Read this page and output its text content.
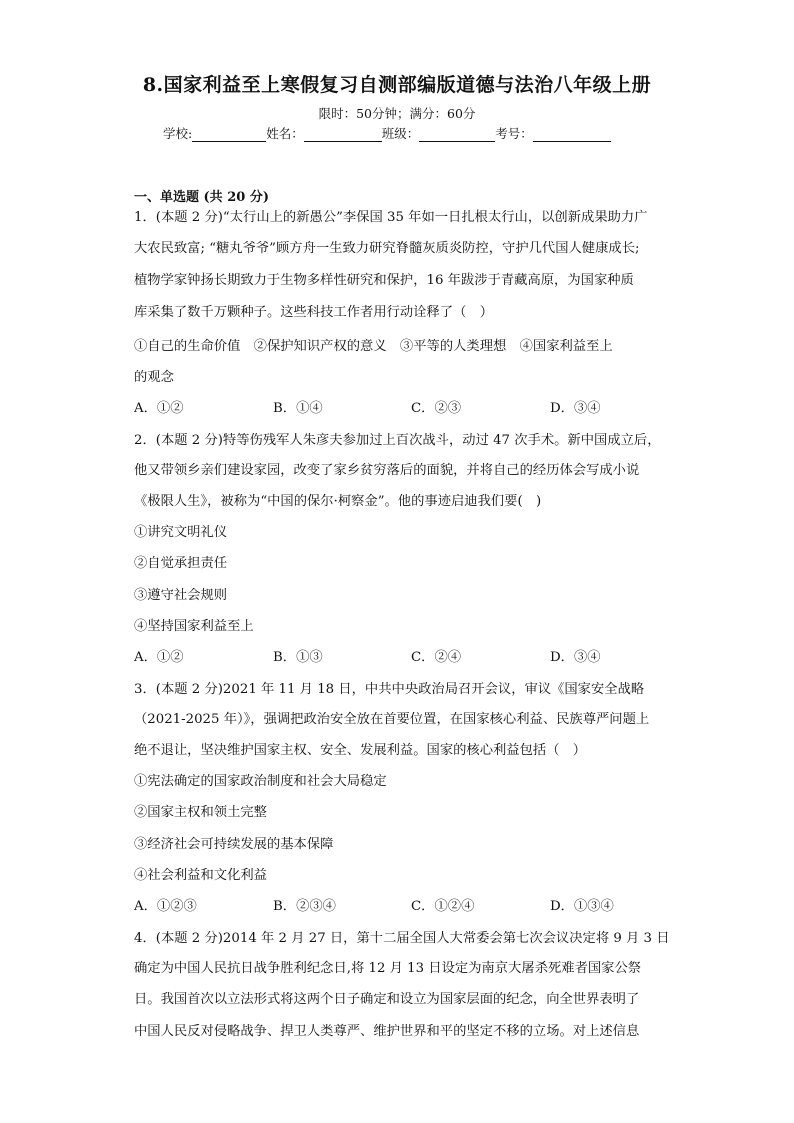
8.国家利益至上寒假复习自测部编版道德与法治八年级上册
限时：50分钟；满分：60分
学校:	姓名：	班级：	考号：
一、单选题 (共 20 分)
1．(本题 2 分)“太行山上的新愚公”李保国 35 年如一日扎根太行山，以创新成果助力广
大农民致富; “糖丸爷爷”顾方舟一生致力研究脊髓灰质炎防控，守护几代国人健康成长;
植物学家钟扬长期致力于生物多样性研究和保护，16 年跋涉于青藏高原，为国家种质
库采集了数千万颗种子。这些科技工作者用行动诠释了（　）
①自己的生命价值　②保护知识产权的意义　③平等的人类理想　④国家利益至上
的观念
A．①②	B．①④	C．②③	D．③④
2．(本题 2 分)特等伤残军人朱彦夫参加过上百次战斗，动过 47 次手术。新中国成立后，
他又带领乡亲们建设家园，改变了家乡贫穷落后的面貌，并将自己的经历体会写成小说
《极限人生》，被称为“中国的保尔·柯察金”。他的事迹启迪我们要(　)
①讲究文明礼仪
②自觉承担责任
③遵守社会规则
④坚持国家利益至上
A．①②	B．①③	C．②④	D．③④
3．(本题 2 分)2021 年 11 月 18 日，中共中央政治局召开会议，审议《国家安全战略
（2021-2025 年）》，强调把政治安全放在首要位置，在国家核心利益、民族尊严问题上
绝不退让，坚决维护国家主权、安全、发展利益。国家的核心利益包括（　）
①宪法确定的国家政治制度和社会大局稳定
②国家主权和领土完整
③经济社会可持续发展的基本保障
④社会利益和文化利益
A．①②③	B．②③④	C．①②④	D．①③④
4．(本题 2 分)2014 年 2 月 27 日，第十二届全国人大常委会第七次会议决定将 9 月 3 日
确定为中国人民抗日战争胜利纪念日,将 12 月 13 日设定为南京大屠杀死难者国家公祭
日。我国首次以立法形式将这两个日子确定和设立为国家层面的纪念，向全世界表明了
中国人民反对侵略战争、捍卫人类尊严、维护世界和平的坚定不移的立场。对上述信息
